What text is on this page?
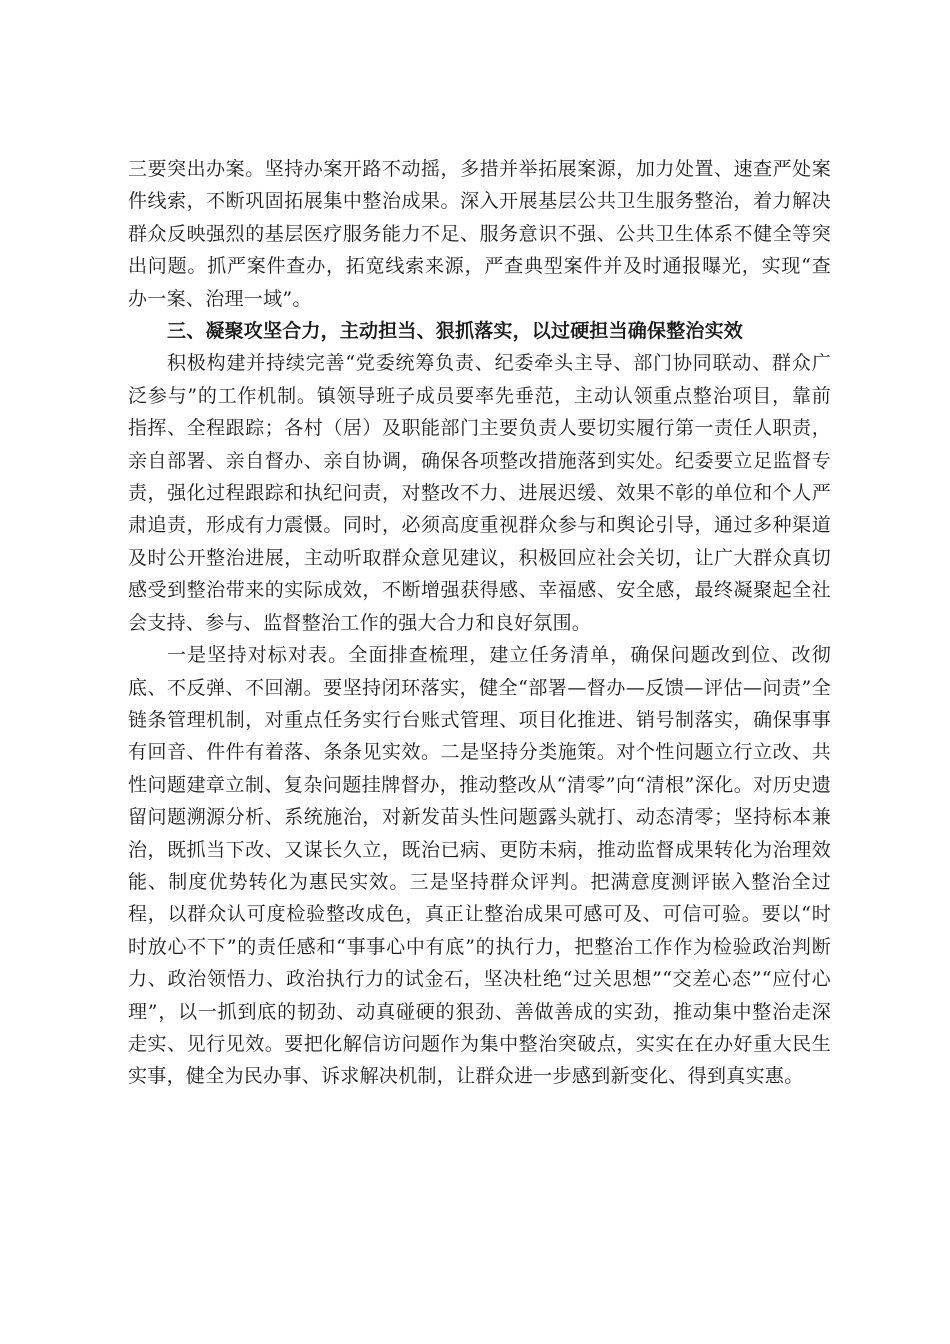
三要突出办案。坚持办案开路不动摇，多措并举拓展案源，加力处置、速查严处案件线索，不断巩固拓展集中整治成果。深入开展基层公共卫生服务整治，着力解决群众反映强烈的基层医疗服务能力不足、服务意识不强、公共卫生体系不健全等突出问题。抓严案件查办，拓宽线索来源，严查典型案件并及时通报曝光，实现“查办一案、治理一域”。

三、凝聚攻坚合力，主动担当、狠抓落实，以过硬担当确保整治实效

积极构建并持续完善“党委统筹负责、纪委牵头主导、部门协同联动、群众广泛参与”的工作机制。镇领导班子成员要率先垂范，主动认领重点整治项目，靠前指挥、全程跟踪；各村（居）及职能部门主要负责人要切实履行第一责任人职责，亲自部署、亲自督办、亲自协调，确保各项整改措施落到实处。纪委要立足监督专责，强化过程跟踪和执纪问责，对整改不力、进展迟缓、效果不彰的单位和个人严肃追责，形成有力震慑。同时，必须高度重视群众参与和舆论引导，通过多种渠道及时公开整治进展，主动听取群众意见建议，积极回应社会关切，让广大群众真切感受到整治带来的实际成效，不断增强获得感、幸福感、安全感，最终凝聚起全社会支持、参与、监督整治工作的强大合力和良好氛围。

一是坚持对标对表。全面排查梳理，建立任务清单，确保问题改到位、改彻底、不反弹、不回潮。要坚持闭环落实，健全“部署—督办—反馈—评估—问责”全链条管理机制，对重点任务实行台账式管理、项目化推进、销号制落实，确保事事有回音、件件有着落、条条见实效。二是坚持分类施策。对个性问题立行立改、共性问题建章立制、复杂问题挂牌督办，推动整改从“清零”向“清根”深化。对历史遗留问题溯源分析、系统施治，对新发苗头性问题露头就打、动态清零；坚持标本兼治，既抓当下改、又谋长久立，既治已病、更防未病，推动监督成果转化为治理效能、制度优势转化为惠民实效。三是坚持群众评判。把满意度测评嵌入整治全过程，以群众认可度检验整改成色，真正让整治成果可感可及、可信可验。要以“时时放心不下”的责任感和“事事心中有底”的执行力，把整治工作作为检验政治判断力、政治领悟力、政治执行力的试金石，坚决杜绝“过关思想”“交差心态”“应付心理”，以一抓到底的韧劲、动真碰硬的狠劲、善做善成的实劲，推动集中整治走深走实、见行见效。要把化解信访问题作为集中整治突破点，实实在在办好重大民生实事，健全为民办事、诉求解决机制，让群众进一步感到新变化、得到真实惠。
